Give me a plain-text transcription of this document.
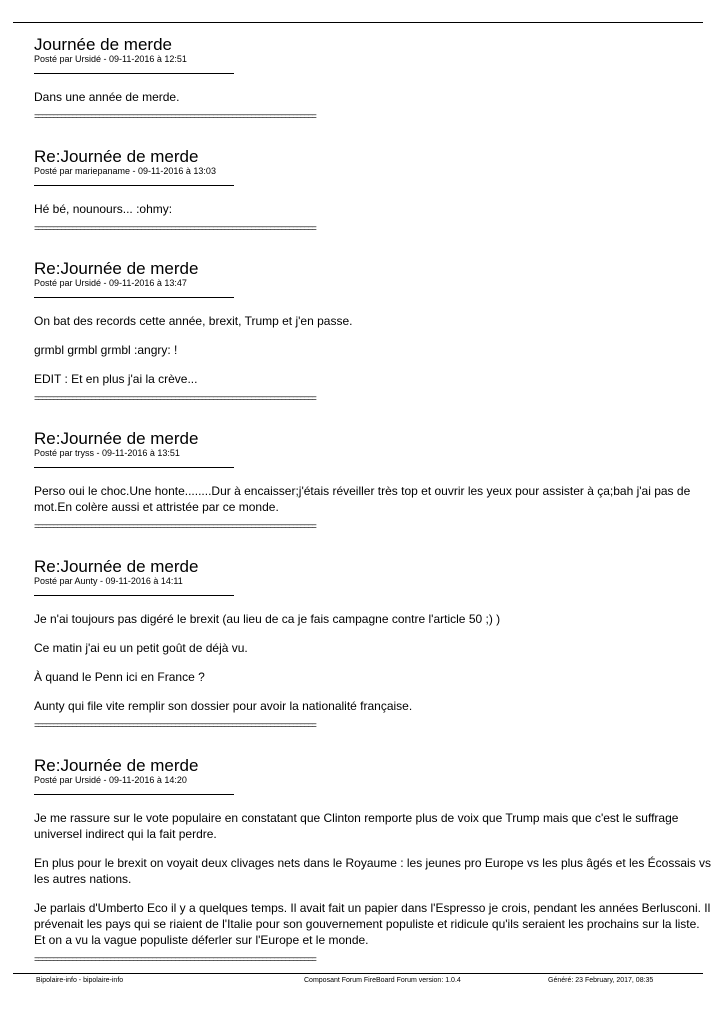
Journée de merde
Posté par Ursidé - 09-11-2016 à 12:51

Dans une année de merde.

==========================================================================
Re:Journée de merde
Posté par mariepaname - 09-11-2016 à 13:03

Hé bé, nounours... :ohmy:

==========================================================================
Re:Journée de merde
Posté par Ursidé - 09-11-2016 à 13:47

On bat des records cette année, brexit, Trump et j'en passe.

grmbl grmbl grmbl :angry: !

EDIT : Et en plus j'ai la crève...

==========================================================================
Re:Journée de merde
Posté par tryss - 09-11-2016 à 13:51

Perso oui le choc.Une honte........Dur à encaisser;j'étais réveiller très top et ouvrir les yeux pour assister à ça;bah j'ai pas de mot.En colère aussi et attristée par ce monde.

==========================================================================
Re:Journée de merde
Posté par Aunty - 09-11-2016 à 14:11

Je n'ai toujours pas digéré le brexit (au lieu de ca je fais campagne contre l'article 50 ;) )

Ce matin j'ai eu un petit goût de déjà vu.

À quand le Penn ici en France ?

Aunty qui file vite remplir son dossier pour avoir la nationalité française.

==========================================================================
Re:Journée de merde
Posté par Ursidé - 09-11-2016 à 14:20

Je me rassure sur le vote populaire en constatant que Clinton remporte plus de voix que Trump mais que c'est le suffrage universel indirect qui la fait perdre.

En plus pour le brexit on voyait deux clivages nets dans le Royaume : les jeunes pro Europe vs les plus âgés et les Écossais vs les autres nations.

Je parlais d'Umberto Eco il y a quelques temps. Il avait fait un papier dans l'Espresso je crois, pendant les années Berlusconi. Il prévenait les pays qui se riaient de l'Italie pour son gouvernement populiste et ridicule qu'ils seraient les prochains sur la liste. Et on a vu la vague populiste déferler sur l'Europe et le monde.

==========================================================================
Bipolaire-info - bipolaire-info	Composant Forum FireBoard Forum version: 1.0.4	Généré: 23 February, 2017, 08:35
